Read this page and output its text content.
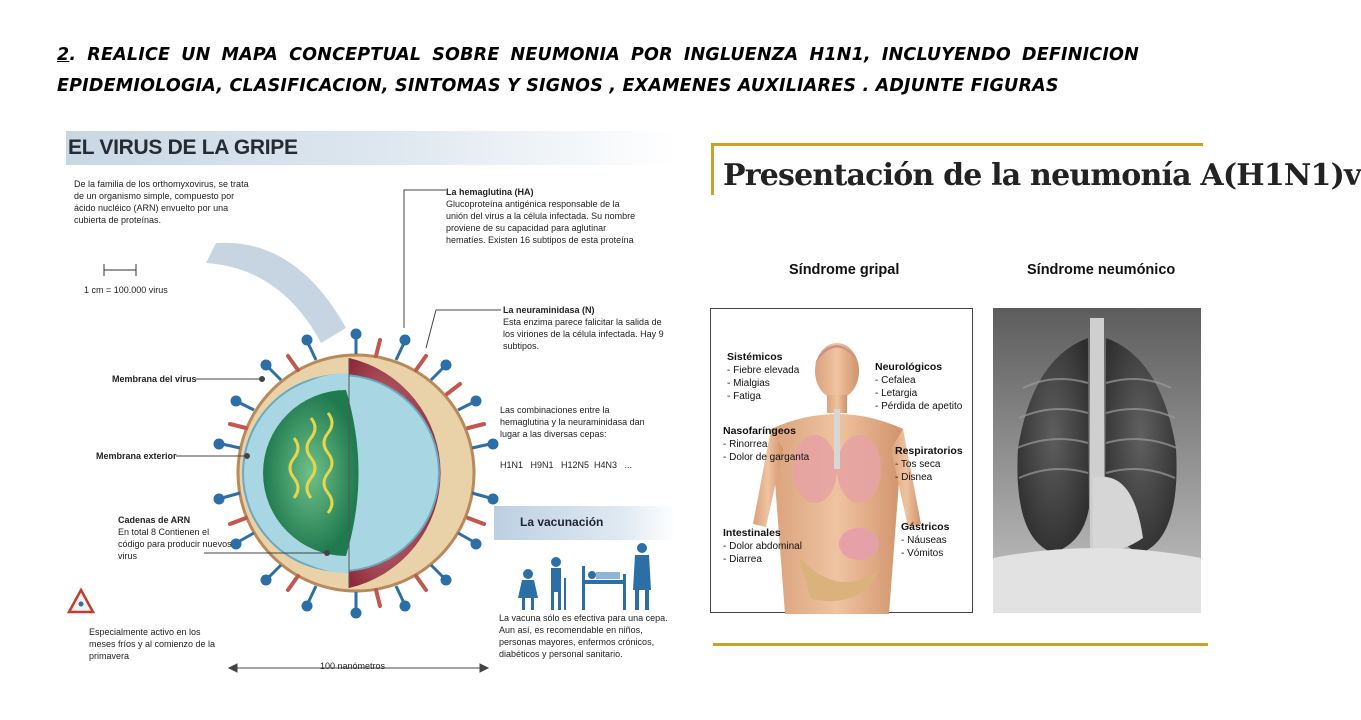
2. REALICE UN MAPA CONCEPTUAL SOBRE NEUMONIA POR INGLUENZA H1N1, INCLUYENDO DEFINICION EPIDEMIOLOGIA, CLASIFICACION, SINTOMAS Y SIGNOS , EXAMENES AUXILIARES . ADJUNTE FIGURAS
EL VIRUS DE LA GRIPE
De la familia de los orthomyxovirus, se trata de un organismo simple, compuesto por ácido nucléico (ARN) envuelto por una cubierta de proteínas.
1 cm = 100.000 virus
La hemaglutina (HA)
Glucoproteína antigénica responsable de la unión del virus a la célula infectada. Su nombre proviene de su capacidad para aglutinar hematíes. Existen 16 subtipos de esta proteína
La neuraminidasa (N)
Esta enzima parece falicitar la salida de los viriones de la célula infectada. Hay 9 subtipos.
Las combinaciones entre la hemaglutina y la neuraminidasa dan lugar a las diversas cepas:
H1N1   H9N1   H12N5  H4N3   ...
Membrana del virus
Membrana exterior
Cadenas de ARN
En total 8 Contienen el código para producir nuevos virus
Especialmente activo en los meses fríos y al comienzo de la primavera
100 nanómetros
La vacunación
La vacuna sólo es efectiva para una cepa. Aun así, es recomendable en niños, personas mayores, enfermos crónicos, diabéticos y personal sanitario.
Presentación de la neumonía A(H1N1)v
Síndrome gripal	Síndrome neumónico
Sistémicos
- Fiebre elevada
- Mialgias
- Fatiga
Neurológicos
- Cefalea
- Letargia
- Pérdida de apetito
Nasofaríngeos
- Rinorrea
- Dolor de garganta
Respiratorios
- Tos seca
- Disnea
Intestinales
- Dolor abdominal
- Diarrea
Gástricos
- Náuseas
- Vómitos
